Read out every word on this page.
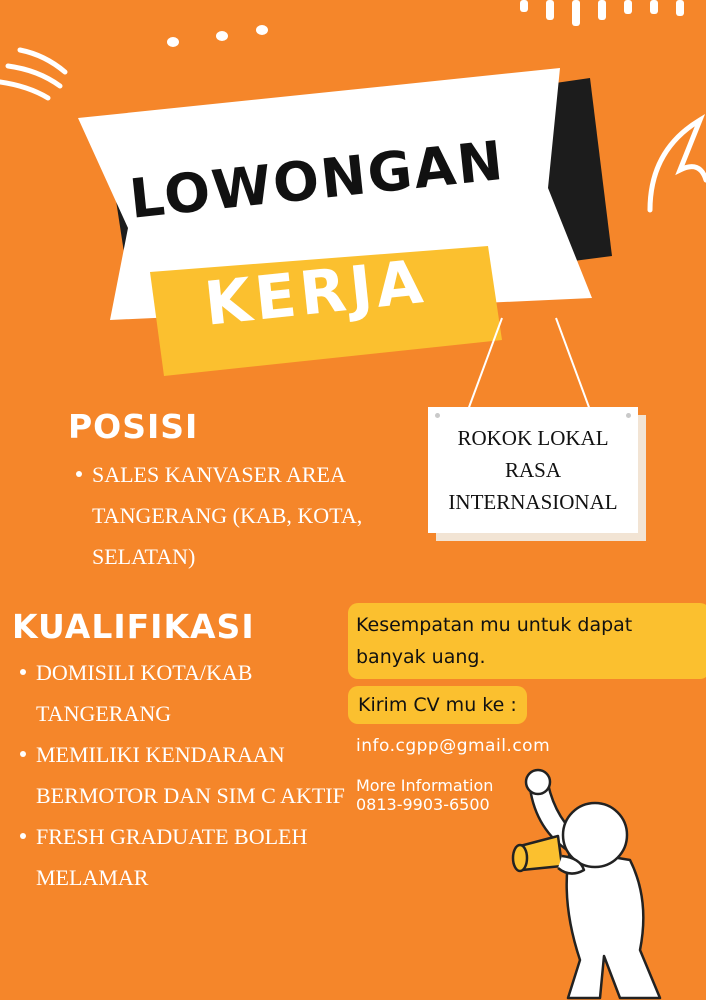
LOWONGAN
KERJA
ROKOK LOKAL
RASA
INTERNASIONAL
POSISI
SALES KANVASER AREA TANGERANG (KAB, KOTA, SELATAN)
KUALIFIKASI
DOMISILI KOTA/KAB TANGERANG
MEMILIKI KENDARAAN BERMOTOR DAN SIM C AKTIF
FRESH GRADUATE BOLEH MELAMAR
Kesempatan mu untuk dapat banyak uang.
Kirim CV mu ke :
info.cgpp@gmail.com
More Information
0813-9903-6500
